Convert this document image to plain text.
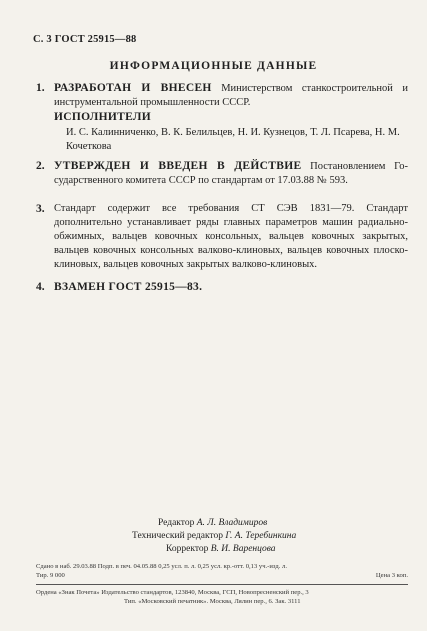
С. 3 ГОСТ 25915—88
ИНФОРМАЦИОННЫЕ ДАННЫЕ
1. РАЗРАБОТАН И ВНЕСЕН Министерством станкостроительной и инструментальной промышленности СССР.
ИСПОЛНИТЕЛИ
И. С. Калинниченко, В. К. Белильцев, Н. И. Кузнецов, Т. Л. Псарева, Н. М. Кочеткова
2. УТВЕРЖДЕН И ВВЕДЕН В ДЕЙСТВИЕ Постановлением Государственного комитета СССР по стандартам от 17.03.88 № 593.
3. Стандарт содержит все требования СТ СЭВ 1831—79. Стандарт дополнительно устанавливает ряды главных параметров машин радиально-обжимных, вальцев ковочных консольных, вальцев ковочных закрытых, вальцев ковочных консольных валково-клиновых, вальцев ковочных плоско-клиновых, вальцев ковочных закрытых валково-клиновых.
4. ВЗАМЕН ГОСТ 25915—83.
Редактор А. Л. Владимиров
Технический редактор Г. А. Теребинкина
Корректор В. И. Варенцова
Сдано в наб. 29.03.88 Подп. в печ. 04.05.88 0,25 усл. п. л. 0,25 усл. кр.-отт. 0,13 уч.-изд. л.
Тир. 9 000	Цена 3 коп.
Ордена «Знак Почета» Издательство стандартов, 123840, Москва, ГСП, Новопресненский пер., 3
Тип. «Московский печатник». Москва, Лялин пер., 6. Зак. 3111
